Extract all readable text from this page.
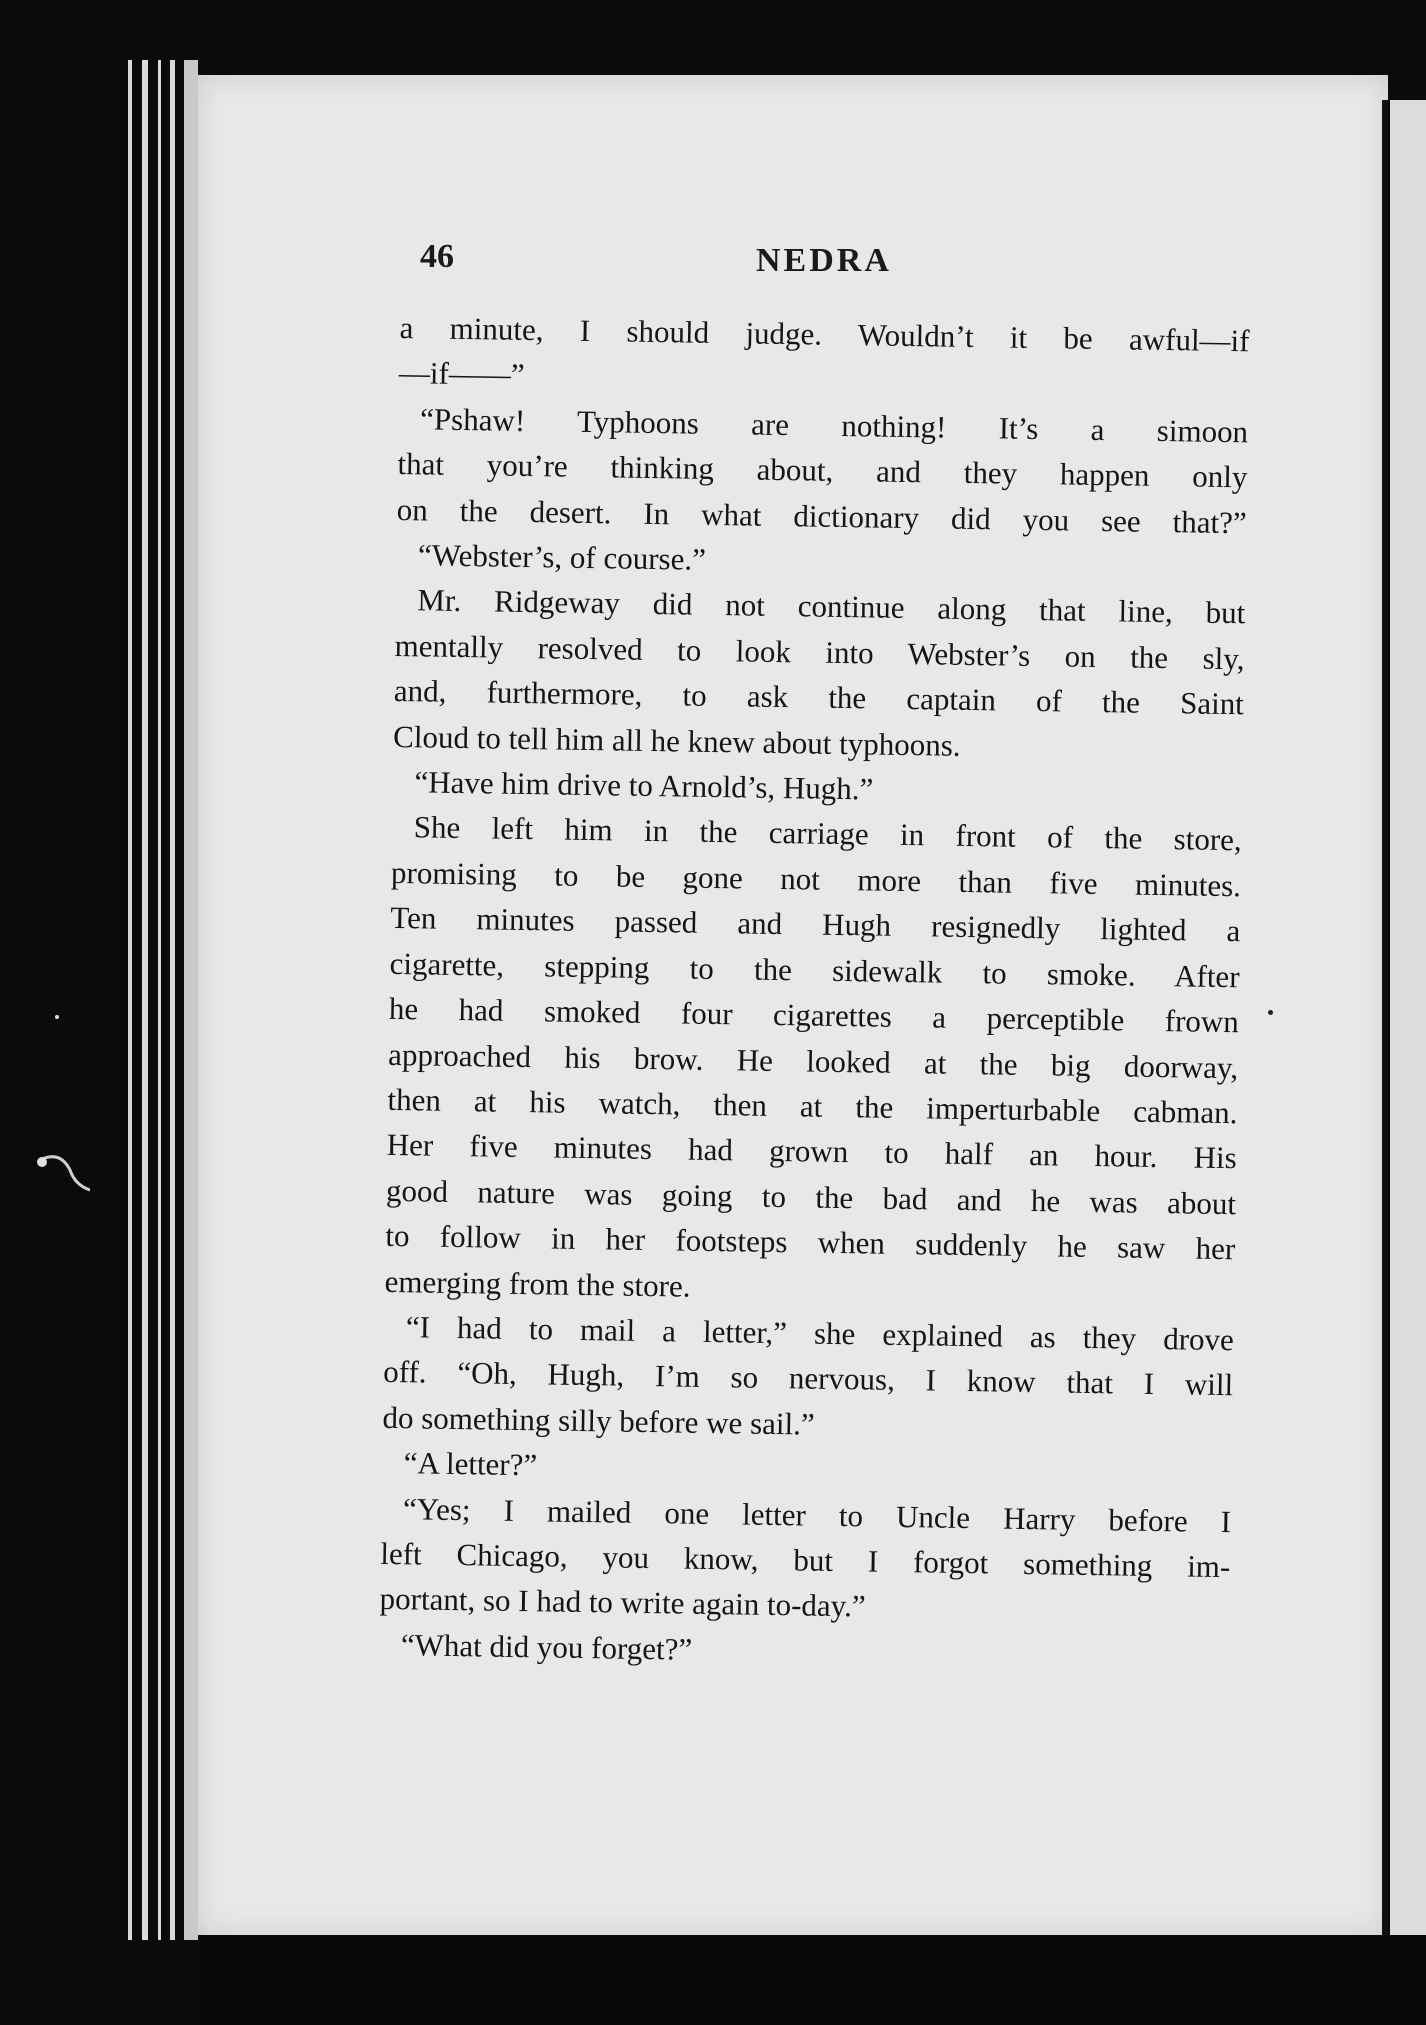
46	NEDRA
a minute, I should judge. Wouldn’t it be awful—if
—if——”
“Pshaw! Typhoons are nothing! It’s a simoon
that you’re thinking about, and they happen only
on the desert. In what dictionary did you see that?”
“Webster’s, of course.”
Mr. Ridgeway did not continue along that line, but
mentally resolved to look into Webster’s on the sly,
and, furthermore, to ask the captain of the Saint
Cloud to tell him all he knew about typhoons.
“Have him drive to Arnold’s, Hugh.”
She left him in the carriage in front of the store,
promising to be gone not more than five minutes.
Ten minutes passed and Hugh resignedly lighted a
cigarette, stepping to the sidewalk to smoke. After
he had smoked four cigarettes a perceptible frown
approached his brow. He looked at the big doorway,
then at his watch, then at the imperturbable cabman.
Her five minutes had grown to half an hour. His
good nature was going to the bad and he was about
to follow in her footsteps when suddenly he saw her
emerging from the store.
“I had to mail a letter,” she explained as they drove
off. “Oh, Hugh, I’m so nervous, I know that I will
do something silly before we sail.”
“A letter?”
“Yes; I mailed one letter to Uncle Harry before I
left Chicago, you know, but I forgot something im-
portant, so I had to write again to-day.”
“What did you forget?”
